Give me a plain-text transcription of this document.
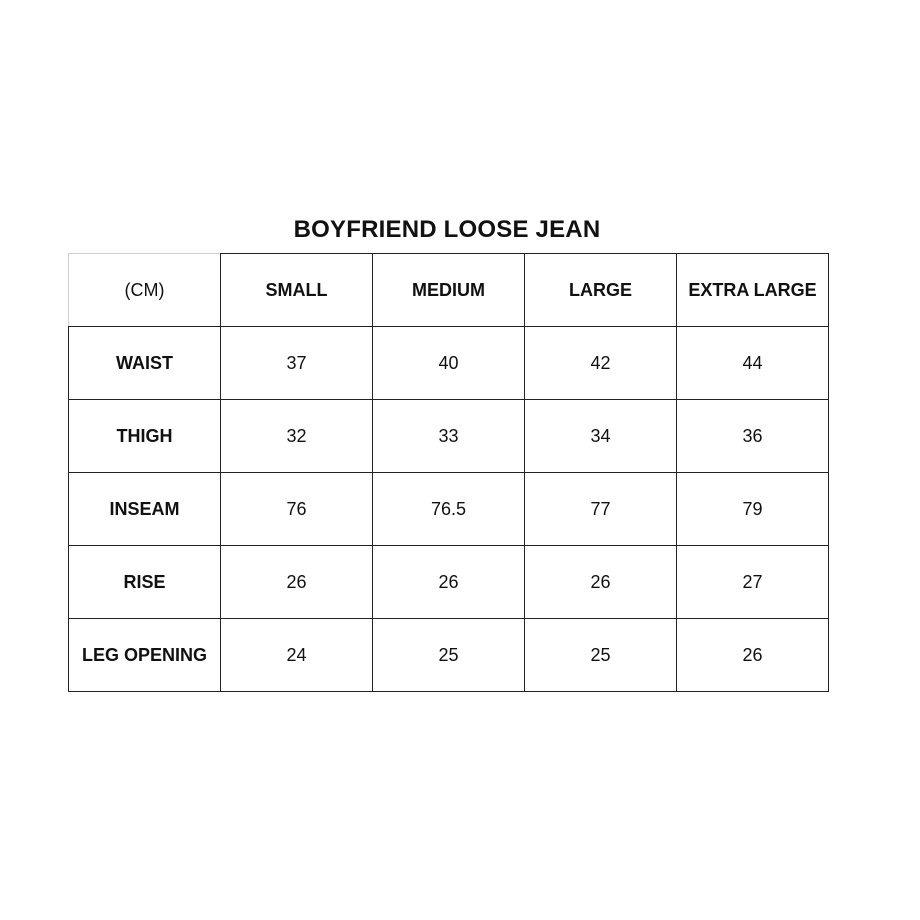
BOYFRIEND LOOSE JEAN
(CM)	SMALL	MEDIUM	LARGE	EXTRA LARGE
WAIST	37	40	42	44
THIGH	32	33	34	36
INSEAM	76	76.5	77	79
RISE	26	26	26	27
LEG OPENING	24	25	25	26
